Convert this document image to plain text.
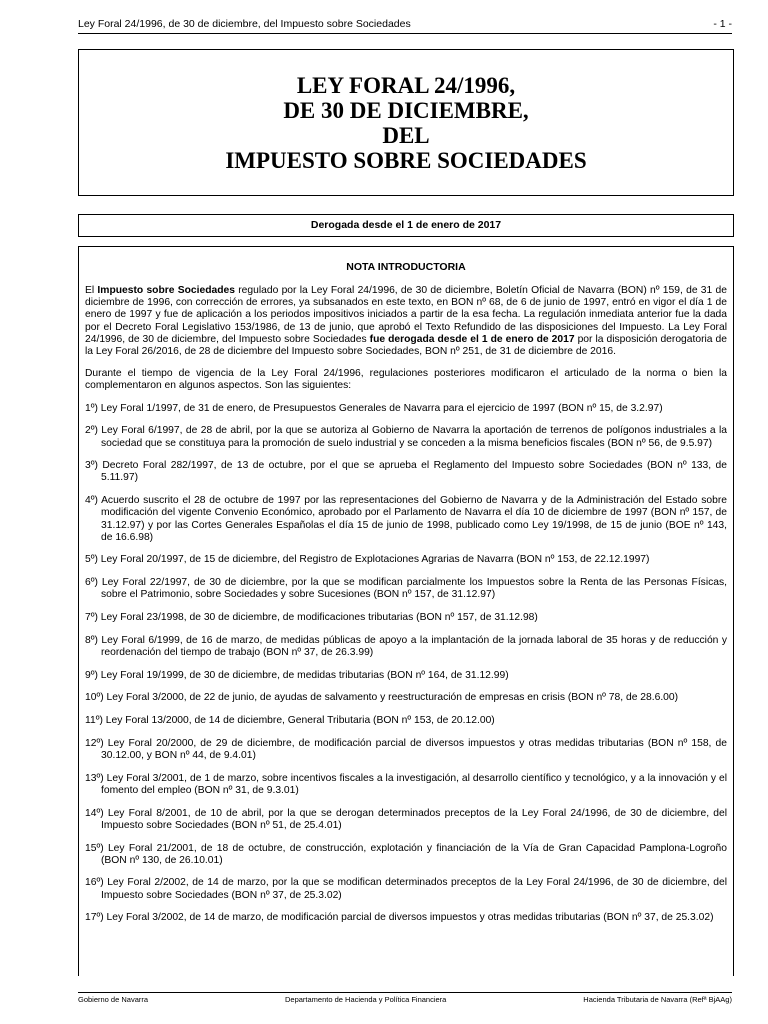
Ley Foral 24/1996, de 30 de diciembre, del Impuesto sobre Sociedades	- 1 -
LEY FORAL 24/1996,
DE 30 DE DICIEMBRE,
DEL
IMPUESTO SOBRE SOCIEDADES
Derogada desde el 1 de enero de 2017
NOTA INTRODUCTORIA

El Impuesto sobre Sociedades regulado por la Ley Foral 24/1996, de 30 de diciembre, Boletín Oficial de Navarra (BON) nº 159, de 31 de diciembre de 1996, con corrección de errores, ya subsanados en este texto, en BON nº 68, de 6 de junio de 1997, entró en vigor el día 1 de enero de 1997 y fue de aplicación a los periodos impositivos iniciados a partir de la esa fecha. La regulación inmediata anterior fue la dada por el Decreto Foral Legislativo 153/1986, de 13 de junio, que aprobó el Texto Refundido de las disposiciones del Impuesto. La Ley Foral 24/1996, de 30 de diciembre, del Impuesto sobre Sociedades fue derogada desde el 1 de enero de 2017 por la disposición derogatoria de la Ley Foral 26/2016, de 28 de diciembre del Impuesto sobre Sociedades, BON nº 251, de 31 de diciembre de 2016.

Durante el tiempo de vigencia de la Ley Foral 24/1996, regulaciones posteriores modificaron el articulado de la norma o bien la complementaron en algunos aspectos. Son las siguientes:

1º) Ley Foral 1/1997, de 31 de enero, de Presupuestos Generales de Navarra para el ejercicio de 1997 (BON nº 15, de 3.2.97)

2º) Ley Foral 6/1997, de 28 de abril, por la que se autoriza al Gobierno de Navarra la aportación de terrenos de polígonos industriales a la sociedad que se constituya para la promoción de suelo industrial y se conceden a la misma beneficios fiscales (BON nº 56, de 9.5.97)

3º) Decreto Foral 282/1997, de 13 de octubre, por el que se aprueba el Reglamento del Impuesto sobre Sociedades (BON nº 133, de 5.11.97)

4º) Acuerdo suscrito el 28 de octubre de 1997 por las representaciones del Gobierno de Navarra y de la Administración del Estado sobre modificación del vigente Convenio Económico, aprobado por el Parlamento de Navarra el día 10 de diciembre de 1997 (BON nº 157, de 31.12.97) y por las Cortes Generales Españolas el día 15 de junio de 1998, publicado como Ley 19/1998, de 15 de junio (BOE nº 143, de 16.6.98)

5º) Ley Foral 20/1997, de 15 de diciembre, del Registro de Explotaciones Agrarias de Navarra (BON nº 153, de 22.12.1997)

6º) Ley Foral 22/1997, de 30 de diciembre, por la que se modifican parcialmente los Impuestos sobre la Renta de las Personas Físicas, sobre el Patrimonio, sobre Sociedades y sobre Sucesiones (BON nº 157, de 31.12.97)

7º) Ley Foral 23/1998, de 30 de diciembre, de modificaciones tributarias (BON nº 157, de 31.12.98)

8º) Ley Foral 6/1999, de 16 de marzo, de medidas públicas de apoyo a la implantación de la jornada laboral de 35 horas y de reducción y reordenación del tiempo de trabajo (BON nº 37, de 26.3.99)

9º) Ley Foral 19/1999, de 30 de diciembre, de medidas tributarias (BON nº 164, de 31.12.99)

10º) Ley Foral 3/2000, de 22 de junio, de ayudas de salvamento y reestructuración de empresas en crisis (BON nº 78, de 28.6.00)

11º) Ley Foral 13/2000, de 14 de diciembre, General Tributaria (BON nº 153, de 20.12.00)

12º) Ley Foral 20/2000, de 29 de diciembre, de modificación parcial de diversos impuestos y otras medidas tributarias (BON nº 158, de 30.12.00, y BON nº 44, de 9.4.01)

13º) Ley Foral 3/2001, de 1 de marzo, sobre incentivos fiscales a la investigación, al desarrollo científico y tecnológico, y a la innovación y el fomento del empleo (BON nº 31, de 9.3.01)

14º) Ley Foral 8/2001, de 10 de abril, por la que se derogan determinados preceptos de la Ley Foral 24/1996, de 30 de diciembre, del Impuesto sobre Sociedades (BON nº 51, de 25.4.01)

15º) Ley Foral 21/2001, de 18 de octubre, de construcción, explotación y financiación de la Vía de Gran Capacidad Pamplona-Logroño (BON nº 130, de 26.10.01)

16º) Ley Foral 2/2002, de 14 de marzo, por la que se modifican determinados preceptos de la Ley Foral 24/1996, de 30 de diciembre, del Impuesto sobre Sociedades (BON nº 37, de 25.3.02)

17º) Ley Foral 3/2002, de 14 de marzo, de modificación parcial de diversos impuestos y otras medidas tributarias (BON nº 37, de 25.3.02)

Gobierno de Navarra	Departamento de Hacienda y Política Financiera	Hacienda Tributaria de Navarra (Refª BjAAg)
